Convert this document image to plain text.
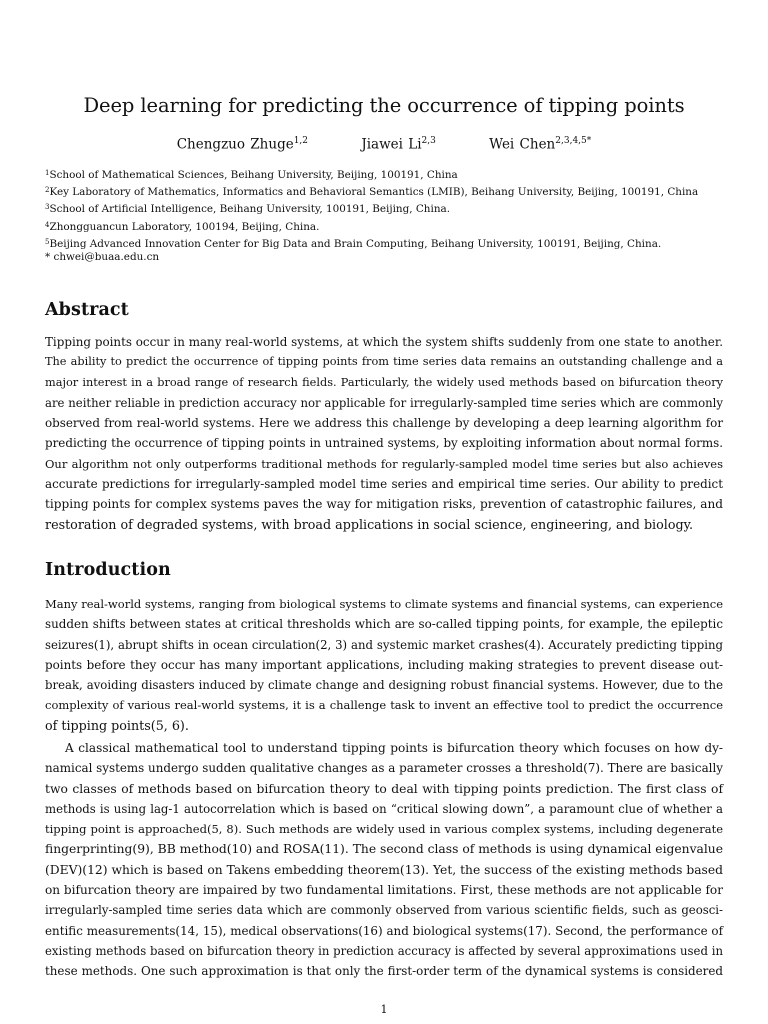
Deep learning for predicting the occurrence of tipping points
Chengzuo Zhuge$^{1,2}$	Jiawei Li$^{2,3}$	Wei Chen$^{2,3,4,5*}$
$^1$School of Mathematical Sciences, Beihang University, Beijing, 100191, China
$^2$Key Laboratory of Mathematics, Informatics and Behavioral Semantics (LMIB), Beihang University, Beijing, 100191, China
$^3$School of Artificial Intelligence, Beihang University, 100191, Beijing, China.
$^4$Zhongguancun Laboratory, 100194, Beijing, China.
$^5$Beijing Advanced Innovation Center for Big Data and Brain Computing, Beihang University, 100191, Beijing, China.
* chwei@buaa.edu.cn
Abstract
Tipping points occur in many real-world systems, at which the system shifts suddenly from one state to another.
The ability to predict the occurrence of tipping points from time series data remains an outstanding challenge and a
major interest in a broad range of research fields. Particularly, the widely used methods based on bifurcation theory
are neither reliable in prediction accuracy nor applicable for irregularly-sampled time series which are commonly
observed from real-world systems. Here we address this challenge by developing a deep learning algorithm for
predicting the occurrence of tipping points in untrained systems, by exploiting information about normal forms.
Our algorithm not only outperforms traditional methods for regularly-sampled model time series but also achieves
accurate predictions for irregularly-sampled model time series and empirical time series. Our ability to predict
tipping points for complex systems paves the way for mitigation risks, prevention of catastrophic failures, and
restoration of degraded systems, with broad applications in social science, engineering, and biology.
Introduction
Many real-world systems, ranging from biological systems to climate systems and financial systems, can experience
sudden shifts between states at critical thresholds which are so-called tipping points, for example, the epileptic
seizures(1), abrupt shifts in ocean circulation(2, 3) and systemic market crashes(4). Accurately predicting tipping
points before they occur has many important applications, including making strategies to prevent disease out-
break, avoiding disasters induced by climate change and designing robust financial systems. However, due to the
complexity of various real-world systems, it is a challenge task to invent an effective tool to predict the occurrence
of tipping points(5, 6).
A classical mathematical tool to understand tipping points is bifurcation theory which focuses on how dy-
namical systems undergo sudden qualitative changes as a parameter crosses a threshold(7). There are basically
two classes of methods based on bifurcation theory to deal with tipping points prediction. The first class of
methods is using lag-1 autocorrelation which is based on “critical slowing down”, a paramount clue of whether a
tipping point is approached(5, 8). Such methods are widely used in various complex systems, including degenerate
fingerprinting(9), BB method(10) and ROSA(11). The second class of methods is using dynamical eigenvalue
(DEV)(12) which is based on Takens embedding theorem(13). Yet, the success of the existing methods based
on bifurcation theory are impaired by two fundamental limitations. First, these methods are not applicable for
irregularly-sampled time series data which are commonly observed from various scientific fields, such as geosci-
entific measurements(14, 15), medical observations(16) and biological systems(17). Second, the performance of
existing methods based on bifurcation theory in prediction accuracy is affected by several approximations used in
these methods. One such approximation is that only the first-order term of the dynamical systems is considered
1
